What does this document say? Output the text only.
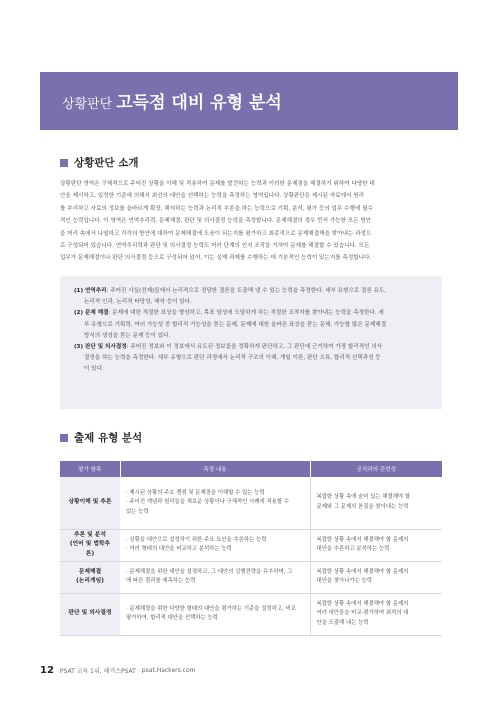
상황판단 고득점 대비 유형 분석
상황판단 소개
상황판단 영역은 구체적으로 주어진 상황을 이해 및 적용하여 문제를 발견하는 능력과 이러한 문제점을 해결하기 위하여 다양한 대
안을 제시하고, 일정한 기준에 의해서 최선의 대안을 선택하는 능력을 측정하는 영역입니다. 상황판단은 제시된 자료에서 원리
를 추리하고 자료의 정보를 올바르게 확장, 해석하는 능력과 논리적 추론을 하는 능력으로 기획, 분석, 평가 등의 업무 수행에 필수
적인 능력입니다. 이 영역은 연역추리력, 문제해결, 판단 및 의사결정 능력을 측정합니다. 문제해결의 경우 민처 가능한 모든 방안
을 머리 속에서 나열하고 각각의 방안에 대하여 문제해결에 도움이 되는지를 평가하고 최종적으로 문제해결책을 찾아내는 과정으
로 구성되어 있습니다. 연역추리력과 판단 및 의사결정 능력도 어러 단계의 인지 조작을 거쳐야 문제를 해결할 수 있습니다. 모든
업무가 문제해결이나 판단 의사결정 등으로 구성되어 있어, 이는 실제 과제를 수행하는 데 기본적인 능력이 있는지를 측정합니다.
(1) 연역추리: 주어진 사실(전제)들에서 논리적으로 정당한 결론을 도출해 낼 수 있는 능력을 측정한다. 세부 유형으로 결론 유도,
논리적 인과, 논리적 타당성, 해석 등이 있다.
(2) 문제 해결: 문제에 대한 적절한 표상을 형성하고, 목표 달성에 도달하게 하는 적절한 조작자를 찾아내는 능력을 측정한다. 세
부 유형으로 기획력, 여러 가능성 중 합리적 가능성을 묻는 문제, 문제에 대한 올바른 표상을 묻는 문제, 가능할 많은 문제해결
방식의 생성을 묻는 문제 등이 있다.
(3) 판단 및 의사결정: 주어진 정보와 이 정보에서 유도된 정보들을 정확하게 판단하고, 그 판단에 근거하여 가장 합리적인 의사
결정을 하는 능력을 측정한다. 세부 유형으로 판단 과정에서 논리적 구조의 이해, 개일 이론, 판단 오류, 합리적 선택과정 등
이 있다.
출제 유형 분석
평가 항목	측정 내용	공직과의 관련성

상황이해 및 추론	· 제시된 상황의 주요 쟁점 및 문제점을 이해할 수 있는 능력
· 주어진 개념과 원리들을 새로운 상황이나 구체적인 사례에 적용할 수
있는 능력	복잡한 상황 속에 숨어 있는 해결해야 할
문제와 그 문제의 본질을 찾아내는 능력

추론 및 분석
(언어 및 법학추론)	· 상황을 대안으로 설정하기 위한 주요 요인을 추론하는 능력
· 여러 형태의 대안을 비교하고 분석하는 능력	복잡한 상황 속에서 해결해야 할 문제의
대안을 추론하고 분석하는 능력

문제해결
(논리게임)	· 문제해결을 위한 대안을 설정하고, 그 대안의 실행전략을 유추하며, 그
에 따른 결과를 예측하는 능력	복잡한 상황 속에서 해결해야 할 문제의
대안을 찾아나가는 능력

판단 및 의사결정	· 문제해결을 위한 다양한 형태의 대안을 평가하는 기준을 설정하고, 비교
평가하여, 합리적 대안을 선택하는 능력	복잡한 상황 속에서 해결해야 할 문제의
여러 대안들을 비교·평가하여 최적의 대
안을 도출해 내는 능력
12 PSAT 교육 1위, 해커스PSAT psat.Hackers.com
